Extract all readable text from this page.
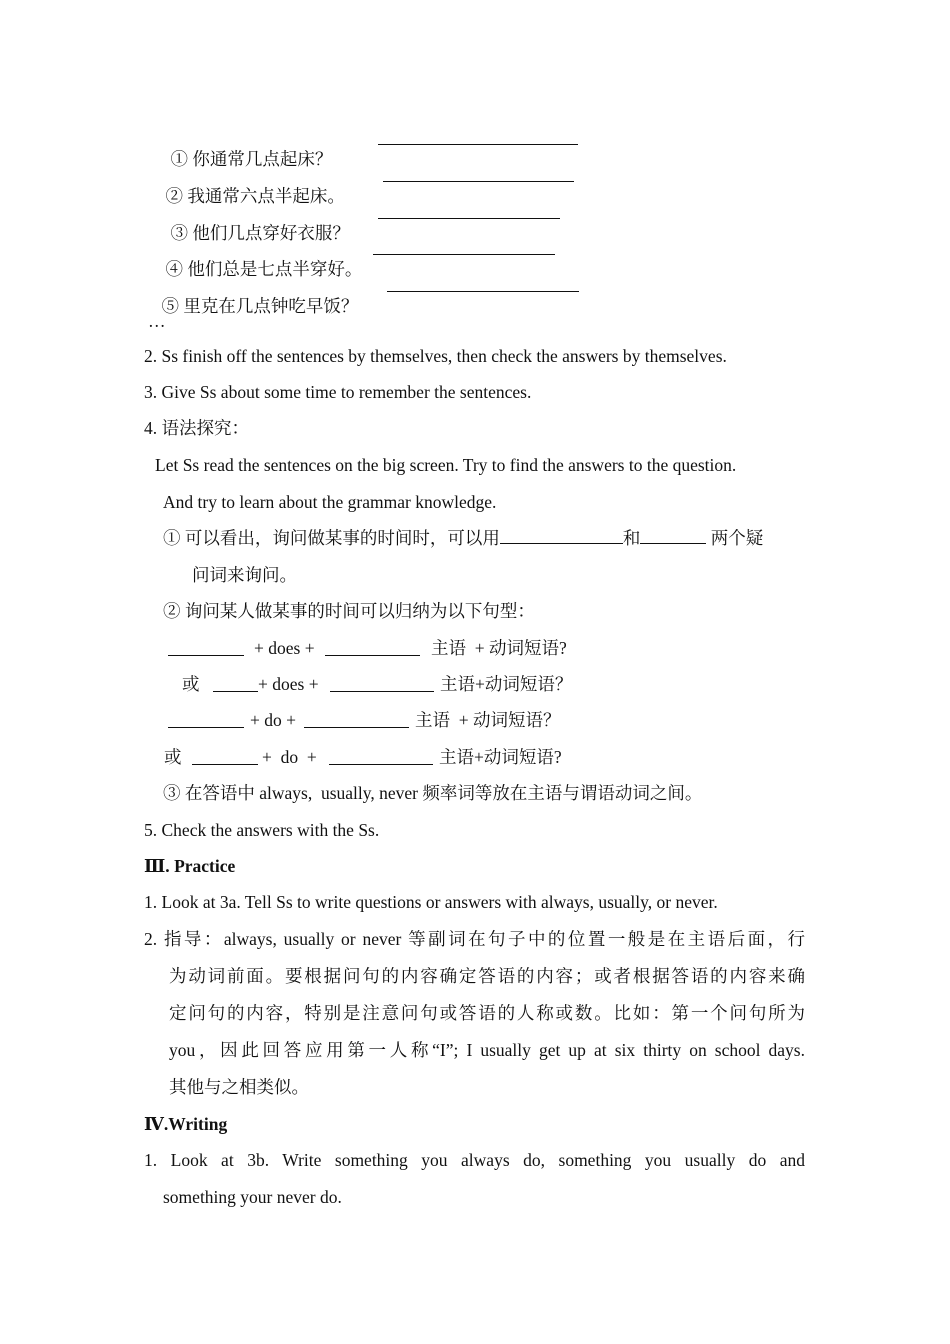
① 你通常几点起床？

② 我通常六点半起床。

③ 他们几点穿好衣服？

④ 他们总是七点半穿好。

⑤ 里克在几点钟吃早饭？

…
2. Ss finish off the sentences by themselves, then check the answers by themselves.
3. Give Ss about some time to remember the sentences.
4. 语法探究：
Let Ss read the sentences on the big screen. Try to find the answers to the question.
And try to learn about the grammar knowledge.
① 可以看出，询问做某事的时间时，可以用	和	两个疑
问词来询问。
② 询问某人做某事的时间可以归纳为以下句型：
+ does +	主语  + 动词短语?
或	+ does +	主语+动词短语？
+ do +	主语  + 动词短语？
或	+  do  +	主语+动词短语?
③ 在答语中 always,  usually, never 频率词等放在主语与谓语动词之间。
5. Check the answers with the Ss.
Ⅲ. Practice
1. Look at 3a. Tell Ss to write questions or answers with always, usually, or never.
2. 指导：always, usually or never 等副词在句子中的位置一般是在主语后面，行
为动词前面。要根据问句的内容确定答语的内容；或者根据答语的内容来确
定问句的内容，特别是注意问句或答语的人称或数。比如：第一个问句所为
you，因此回答应用第一人称“I”; I usually get up at six thirty on school days.
其他与之相类似。
Ⅳ.Writing
1. Look at 3b. Write something you always do, something you usually do and
something your never do.
